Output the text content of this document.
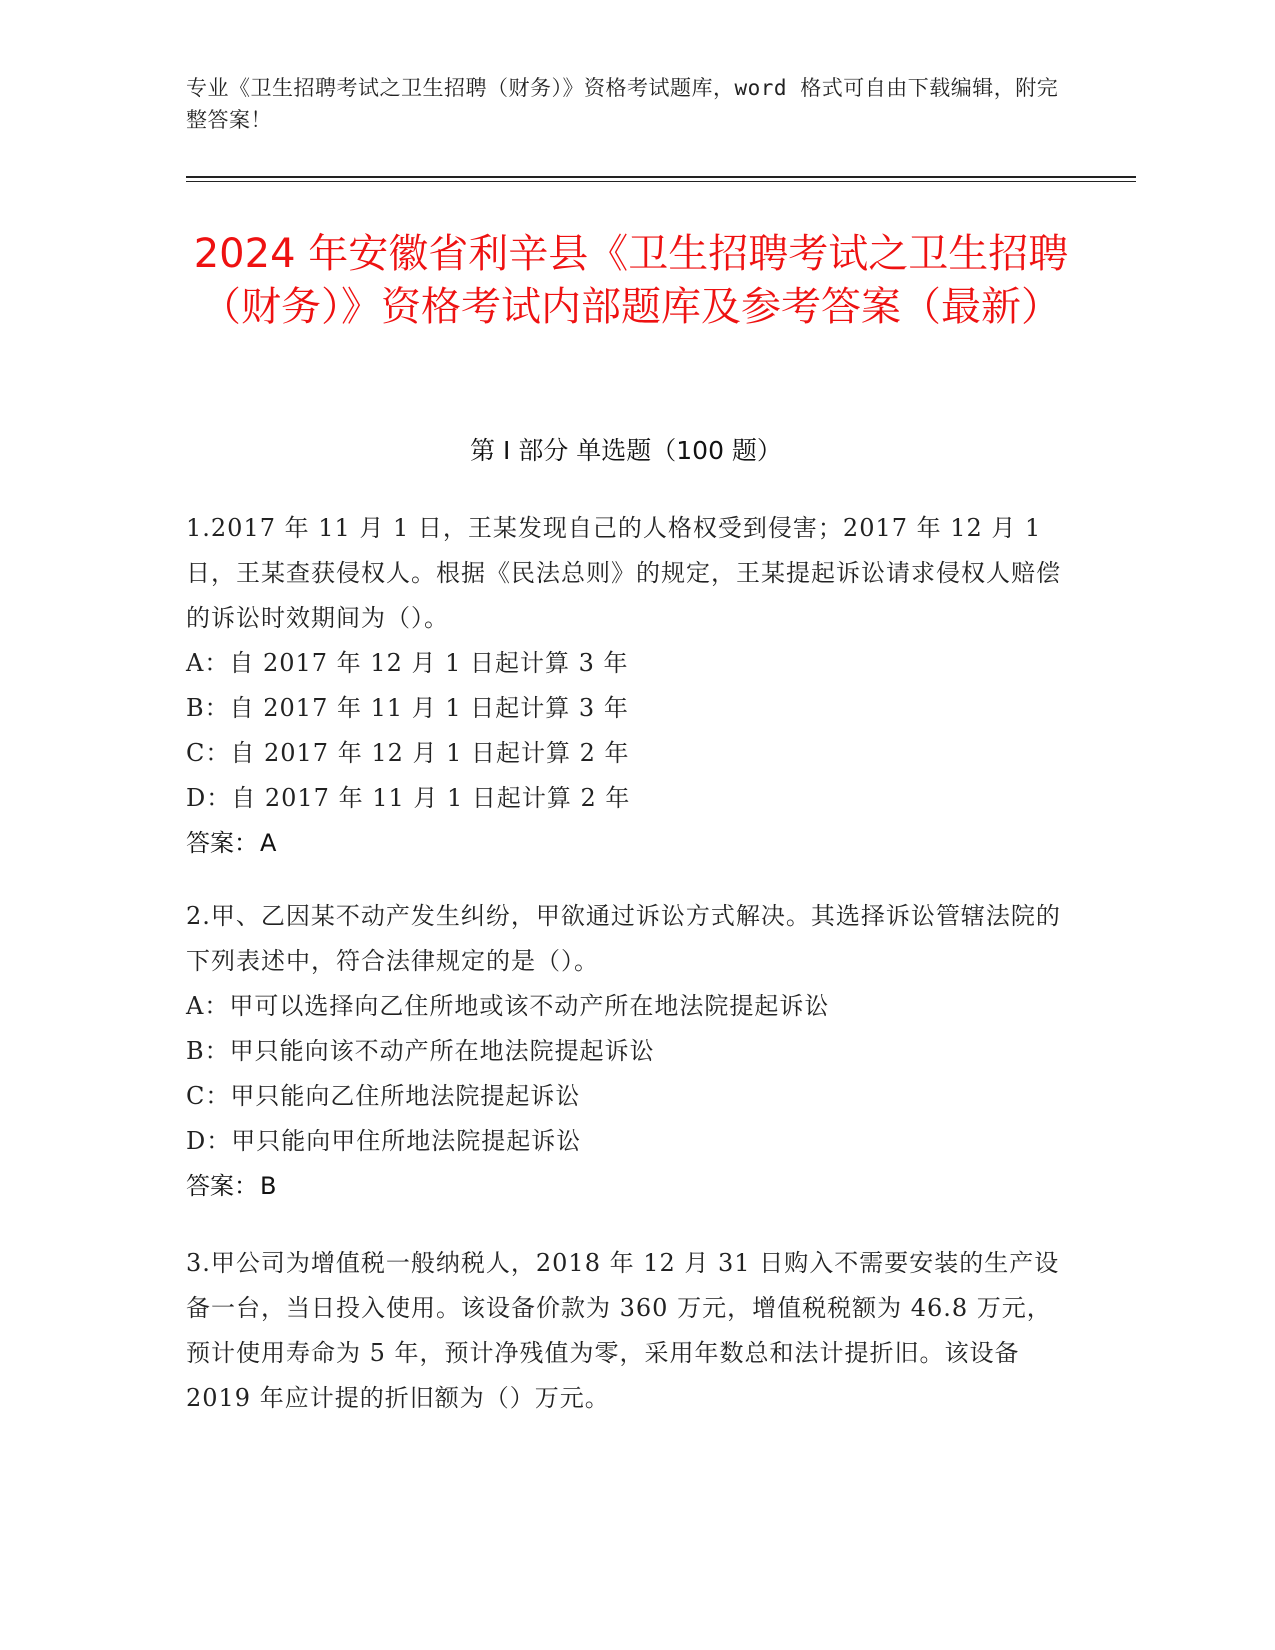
专业《卫生招聘考试之卫生招聘（财务）》资格考试题库，word 格式可自由下载编辑，附完整答案！
2024 年安徽省利辛县《卫生招聘考试之卫生招聘（财务）》资格考试内部题库及参考答案（最新）
第 I 部分 单选题（100 题）
1.2017 年 11 月 1 日，王某发现自己的人格权受到侵害；2017 年 12 月 1 日，王某查获侵权人。根据《民法总则》的规定，王某提起诉讼请求侵权人赔偿的诉讼时效期间为（）。
A：自 2017 年 12 月 1 日起计算 3 年
B：自 2017 年 11 月 1 日起计算 3 年
C：自 2017 年 12 月 1 日起计算 2 年
D：自 2017 年 11 月 1 日起计算 2 年
答案：A
2.甲、乙因某不动产发生纠纷，甲欲通过诉讼方式解决。其选择诉讼管辖法院的下列表述中，符合法律规定的是（）。
A：甲可以选择向乙住所地或该不动产所在地法院提起诉讼
B：甲只能向该不动产所在地法院提起诉讼
C：甲只能向乙住所地法院提起诉讼
D：甲只能向甲住所地法院提起诉讼
答案：B
3.甲公司为增值税一般纳税人，2018 年 12 月 31 日购入不需要安装的生产设备一台，当日投入使用。该设备价款为 360 万元，增值税税额为 46.8 万元，预计使用寿命为 5 年，预计净残值为零，采用年数总和法计提折旧。该设备 2019 年应计提的折旧额为（）万元。
